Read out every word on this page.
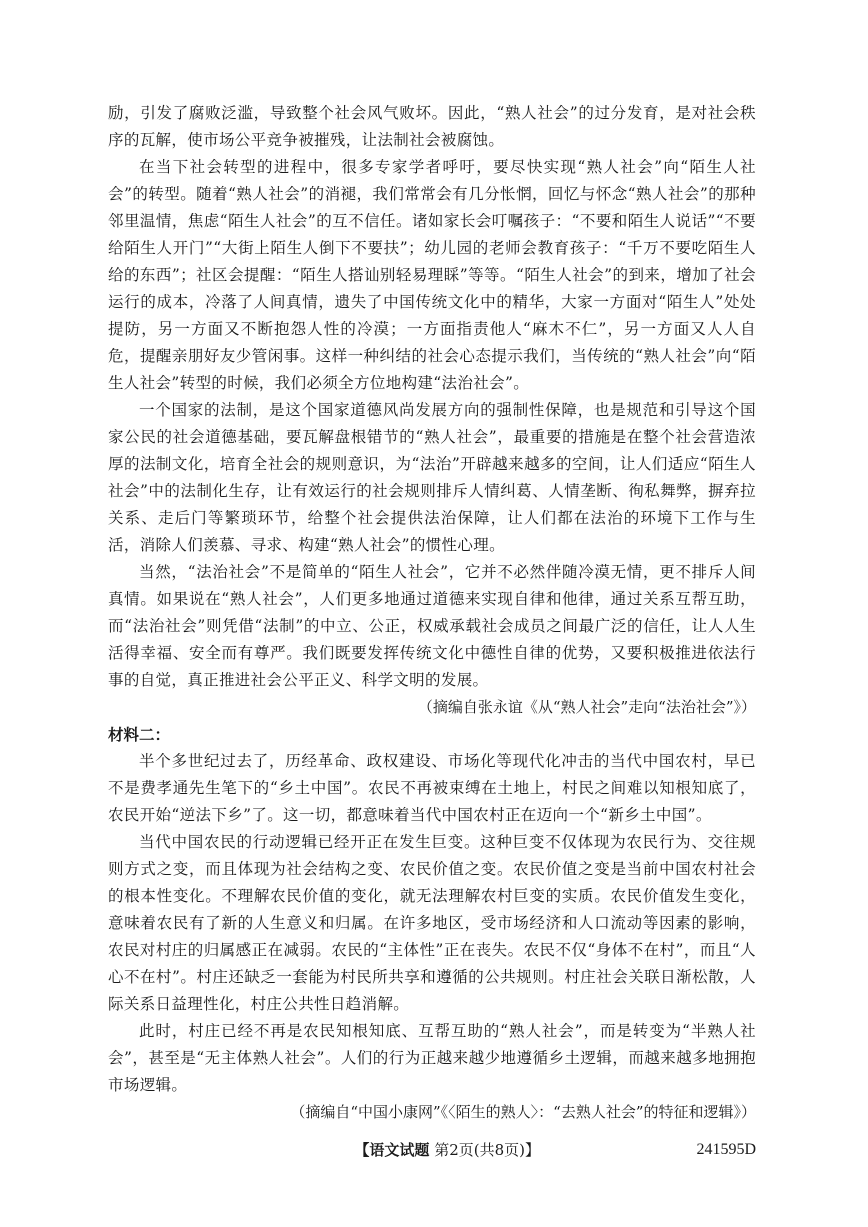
励，引发了腐败泛滥，导致整个社会风气败坏。因此，“熟人社会”的过分发育，是对社会秩序的瓦解，使市场公平竞争被摧残，让法制社会被腐蚀。

在当下社会转型的进程中，很多专家学者呼吁，要尽快实现“熟人社会”向“陌生人社会”的转型。随着“熟人社会”的消褪，我们常常会有几分怅惘，回忆与怀念“熟人社会”的那种邻里温情，焦虑“陌生人社会”的互不信任。诸如家长会叮嘱孩子：“不要和陌生人说话”“不要给陌生人开门”“大街上陌生人倒下不要扶”；幼儿园的老师会教育孩子：“千万不要吃陌生人给的东西”；社区会提醒：“陌生人搭讪别轻易理睬”等等。“陌生人社会”的到来，增加了社会运行的成本，冷落了人间真情，遗失了中国传统文化中的精华，大家一方面对“陌生人”处处提防，另一方面又不断抱怨人性的冷漠；一方面指责他人“麻木不仁”，另一方面又人人自危，提醒亲朋好友少管闲事。这样一种纠结的社会心态提示我们，当传统的“熟人社会”向“陌生人社会”转型的时候，我们必须全方位地构建“法治社会”。

一个国家的法制，是这个国家道德风尚发展方向的强制性保障，也是规范和引导这个国家公民的社会道德基础，要瓦解盘根错节的“熟人社会”，最重要的措施是在整个社会营造浓厚的法制文化，培育全社会的规则意识，为“法治”开辟越来越多的空间，让人们适应“陌生人社会”中的法制化生存，让有效运行的社会规则排斥人情纠葛、人情垄断、徇私舞弊，摒弃拉关系、走后门等繁琐环节，给整个社会提供法治保障，让人们都在法治的环境下工作与生活，消除人们羡慕、寻求、构建“熟人社会”的惯性心理。

当然，“法治社会”不是简单的“陌生人社会”，它并不必然伴随冷漠无情，更不排斥人间真情。如果说在“熟人社会”，人们更多地通过道德来实现自律和他律，通过关系互帮互助，而“法治社会”则凭借“法制”的中立、公正，权威承载社会成员之间最广泛的信任，让人人生活得幸福、安全而有尊严。我们既要发挥传统文化中德性自律的优势，又要积极推进依法行事的自觉，真正推进社会公平正义、科学文明的发展。

（摘编自张永谊《从“熟人社会”走向“法治社会”》）

材料二：

半个多世纪过去了，历经革命、政权建设、市场化等现代化冲击的当代中国农村，早已不是费孝通先生笔下的“乡土中国”。农民不再被束缚在土地上，村民之间难以知根知底了，农民开始“逆法下乡”了。这一切，都意味着当代中国农村正在迈向一个“新乡土中国”。

当代中国农民的行动逻辑已经开正在发生巨变。这种巨变不仅体现为农民行为、交往规则方式之变，而且体现为社会结构之变、农民价值之变。农民价值之变是当前中国农村社会的根本性变化。不理解农民价值的变化，就无法理解农村巨变的实质。农民价值发生变化，意味着农民有了新的人生意义和归属。在许多地区，受市场经济和人口流动等因素的影响，农民对村庄的归属感正在减弱。农民的“主体性”正在丧失。农民不仅“身体不在村”，而且“人心不在村”。村庄还缺乏一套能为村民所共享和遵循的公共规则。村庄社会关联日渐松散，人际关系日益理性化，村庄公共性日趋消解。

此时，村庄已经不再是农民知根知底、互帮互助的“熟人社会”，而是转变为“半熟人社会”，甚至是“无主体熟人社会”。人们的行为正越来越少地遵循乡土逻辑，而越来越多地拥抱市场逻辑。

（摘编自“中国小康网”《〈陌生的熟人〉：“去熟人社会”的特征和逻辑》）

【语文试题 第2页(共8页)】	241595D
